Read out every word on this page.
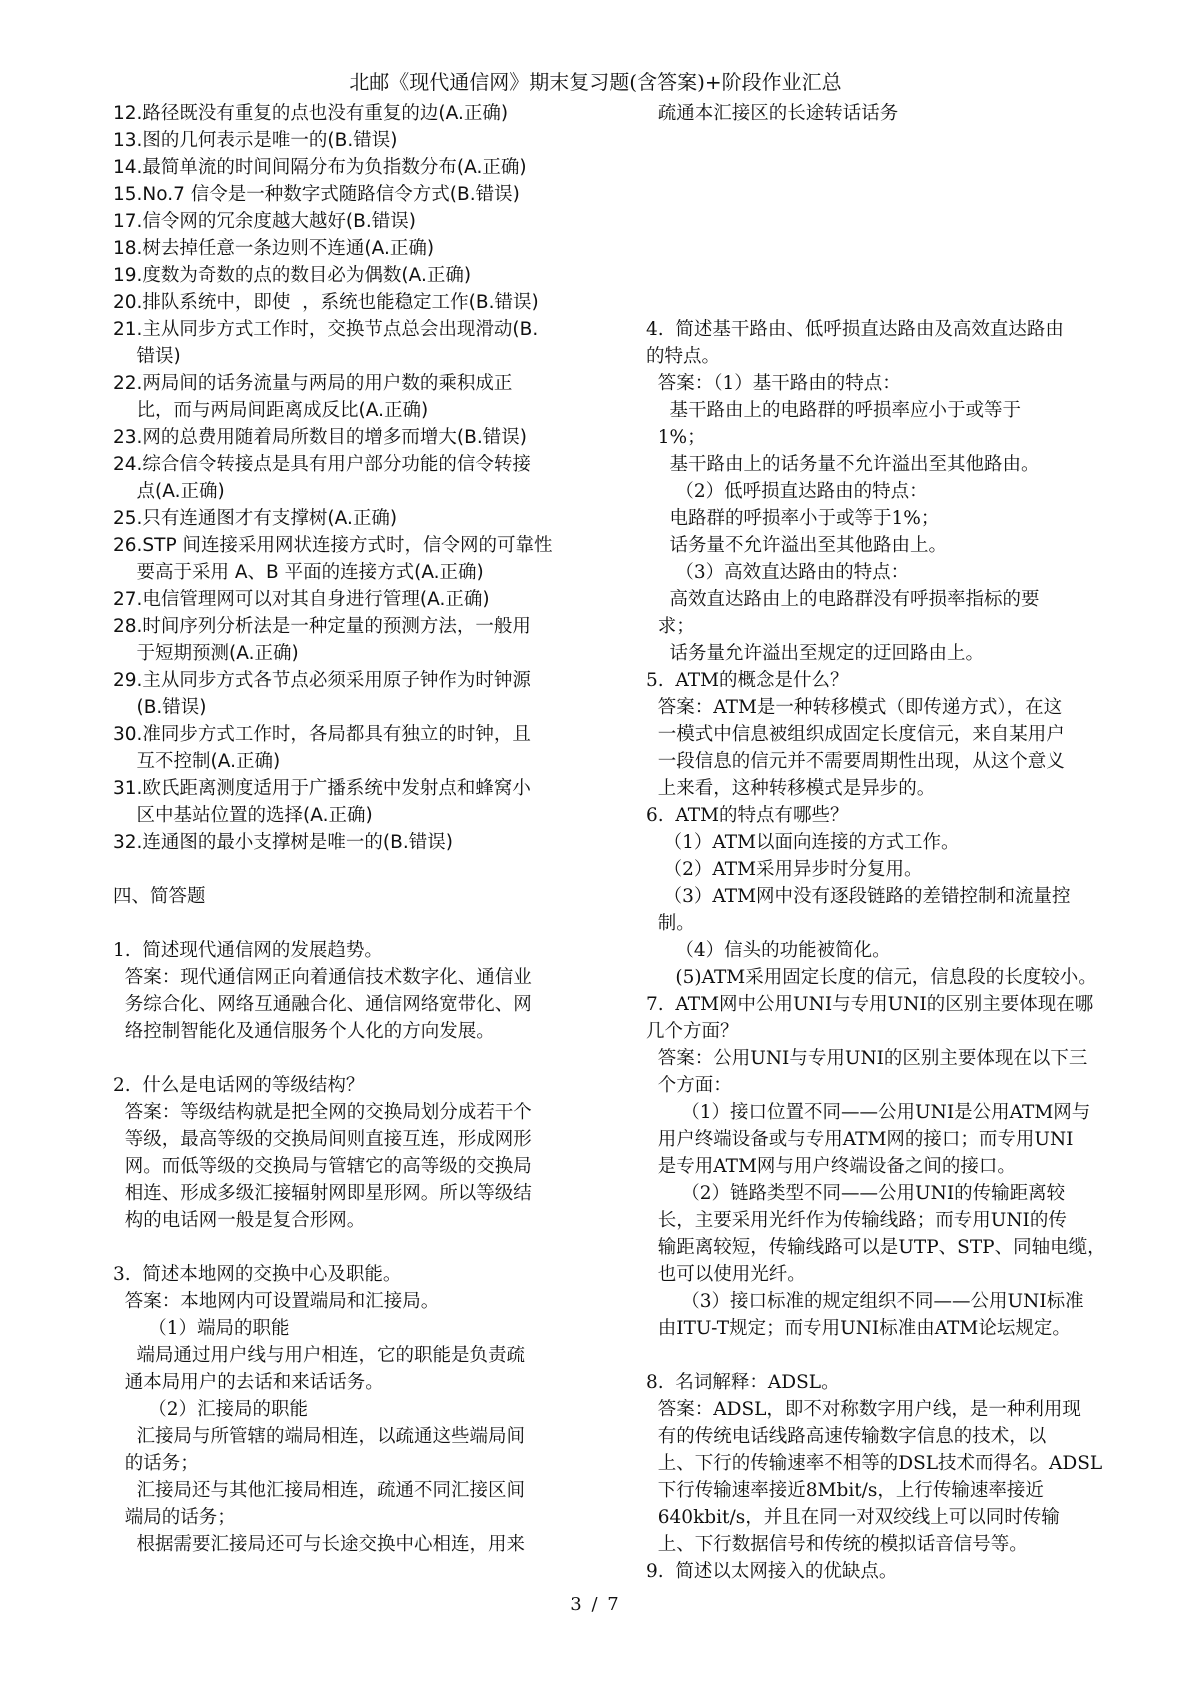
北邮《现代通信网》期末复习题(含答案)+阶段作业汇总
12.路径既没有重复的点也没有重复的边(A.正确)
13.图的几何表示是唯一的(B.错误)
14.最简单流的时间间隔分布为负指数分布(A.正确)
15.No.7 信令是一种数字式随路信令方式(B.错误)
17.信令网的冗余度越大越好(B.错误)
18.树去掉任意一条边则不连通(A.正确)
19.度数为奇数的点的数目必为偶数(A.正确)
20.排队系统中，即使  ，系统也能稳定工作(B.错误)
21.主从同步方式工作时，交换节点总会出现滑动(B.
错误)
22.两局间的话务流量与两局的用户数的乘积成正
比，而与两局间距离成反比(A.正确)
23.网的总费用随着局所数目的增多而增大(B.错误)
24.综合信令转接点是具有用户部分功能的信令转接
点(A.正确)
25.只有连通图才有支撑树(A.正确)
26.STP 间连接采用网状连接方式时，信令网的可靠性
要高于采用 A、B 平面的连接方式(A.正确)
27.电信管理网可以对其自身进行管理(A.正确)
28.时间序列分析法是一种定量的预测方法，一般用
于短期预测(A.正确)
29.主从同步方式各节点必须采用原子钟作为时钟源
(B.错误)
30.准同步方式工作时，各局都具有独立的时钟，且
互不控制(A.正确)
31.欧氏距离测度适用于广播系统中发射点和蜂窝小
区中基站位置的选择(A.正确)
32.连通图的最小支撑树是唯一的(B.错误)
四、简答题
1.  简述现代通信网的发展趋势。
答案：现代通信网正向着通信技术数字化、通信业
务综合化、网络互通融合化、通信网络宽带化、网
络控制智能化及通信服务个人化的方向发展。
2.  什么是电话网的等级结构？
答案：等级结构就是把全网的交换局划分成若干个
等级，最高等级的交换局间则直接互连，形成网形
网。而低等级的交换局与管辖它的高等级的交换局
相连、形成多级汇接辐射网即星形网。所以等级结
构的电话网一般是复合形网。
3.  简述本地网的交换中心及职能。
答案：本地网内可设置端局和汇接局。
（1）端局的职能
端局通过用户线与用户相连，它的职能是负责疏
通本局用户的去话和来话话务。
（2）汇接局的职能
汇接局与所管辖的端局相连，以疏通这些端局间
的话务；
汇接局还与其他汇接局相连，疏通不同汇接区间
端局的话务；
根据需要汇接局还可与长途交换中心相连，用来
疏通本汇接区的长途转话话务
4.  简述基干路由、低呼损直达路由及高效直达路由
的特点。
答案：（1）基干路由的特点：
基干路由上的电路群的呼损率应小于或等于
1%；
基干路由上的话务量不允许溢出至其他路由。
（2）低呼损直达路由的特点：
电路群的呼损率小于或等于1%；
话务量不允许溢出至其他路由上。
（3）高效直达路由的特点：
高效直达路由上的电路群没有呼损率指标的要
求；
话务量允许溢出至规定的迂回路由上。
5.  ATM的概念是什么？
答案：ATM是一种转移模式（即传递方式），在这
一模式中信息被组织成固定长度信元，来自某用户
一段信息的信元并不需要周期性出现，从这个意义
上来看，这种转移模式是异步的。
6.  ATM的特点有哪些？
（1）ATM以面向连接的方式工作。
（2）ATM采用异步时分复用。
（3）ATM网中没有逐段链路的差错控制和流量控
制。
（4）信头的功能被简化。
(5)ATM采用固定长度的信元，信息段的长度较小。
7.  ATM网中公用UNI与专用UNI的区别主要体现在哪
几个方面？
答案：公用UNI与专用UNI的区别主要体现在以下三
个方面：
（1）接口位置不同——公用UNI是公用ATM网与
用户终端设备或与专用ATM网的接口；而专用UNI
是专用ATM网与用户终端设备之间的接口。
（2）链路类型不同——公用UNI的传输距离较
长，主要采用光纤作为传输线路；而专用UNI的传
输距离较短，传输线路可以是UTP、STP、同轴电缆，
也可以使用光纤。
（3）接口标准的规定组织不同——公用UNI标准
由ITU-T规定；而专用UNI标准由ATM论坛规定。
8.  名词解释：ADSL。
答案：ADSL，即不对称数字用户线，是一种利用现
有的传统电话线路高速传输数字信息的技术，以
上、下行的传输速率不相等的DSL技术而得名。ADSL
下行传输速率接近8Mbit/s，上行传输速率接近
640kbit/s，并且在同一对双绞线上可以同时传输
上、下行数据信号和传统的模拟话音信号等。
9.  简述以太网接入的优缺点。
3 / 7
